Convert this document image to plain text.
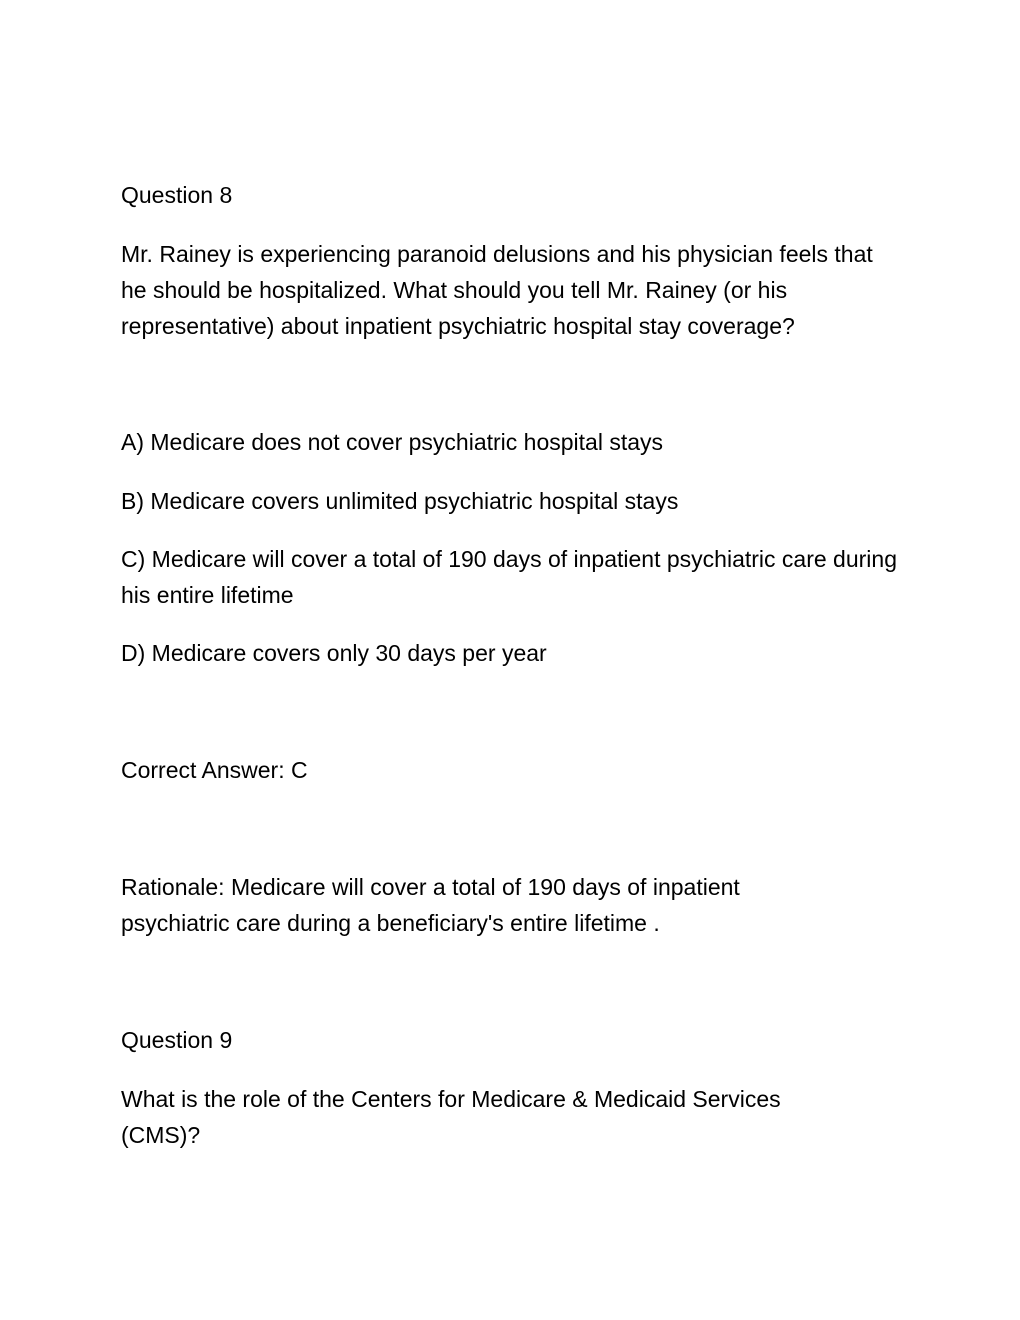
Question 8
Mr. Rainey is experiencing paranoid delusions and his physician feels that he should be hospitalized. What should you tell Mr. Rainey (or his representative) about inpatient psychiatric hospital stay coverage?
A) Medicare does not cover psychiatric hospital stays
B) Medicare covers unlimited psychiatric hospital stays
C) Medicare will cover a total of 190 days of inpatient psychiatric care during his entire lifetime
D) Medicare covers only 30 days per year
Correct Answer: C
Rationale: Medicare will cover a total of 190 days of inpatient psychiatric care during a beneficiary's entire lifetime .
Question 9
What is the role of the Centers for Medicare & Medicaid Services (CMS)?
